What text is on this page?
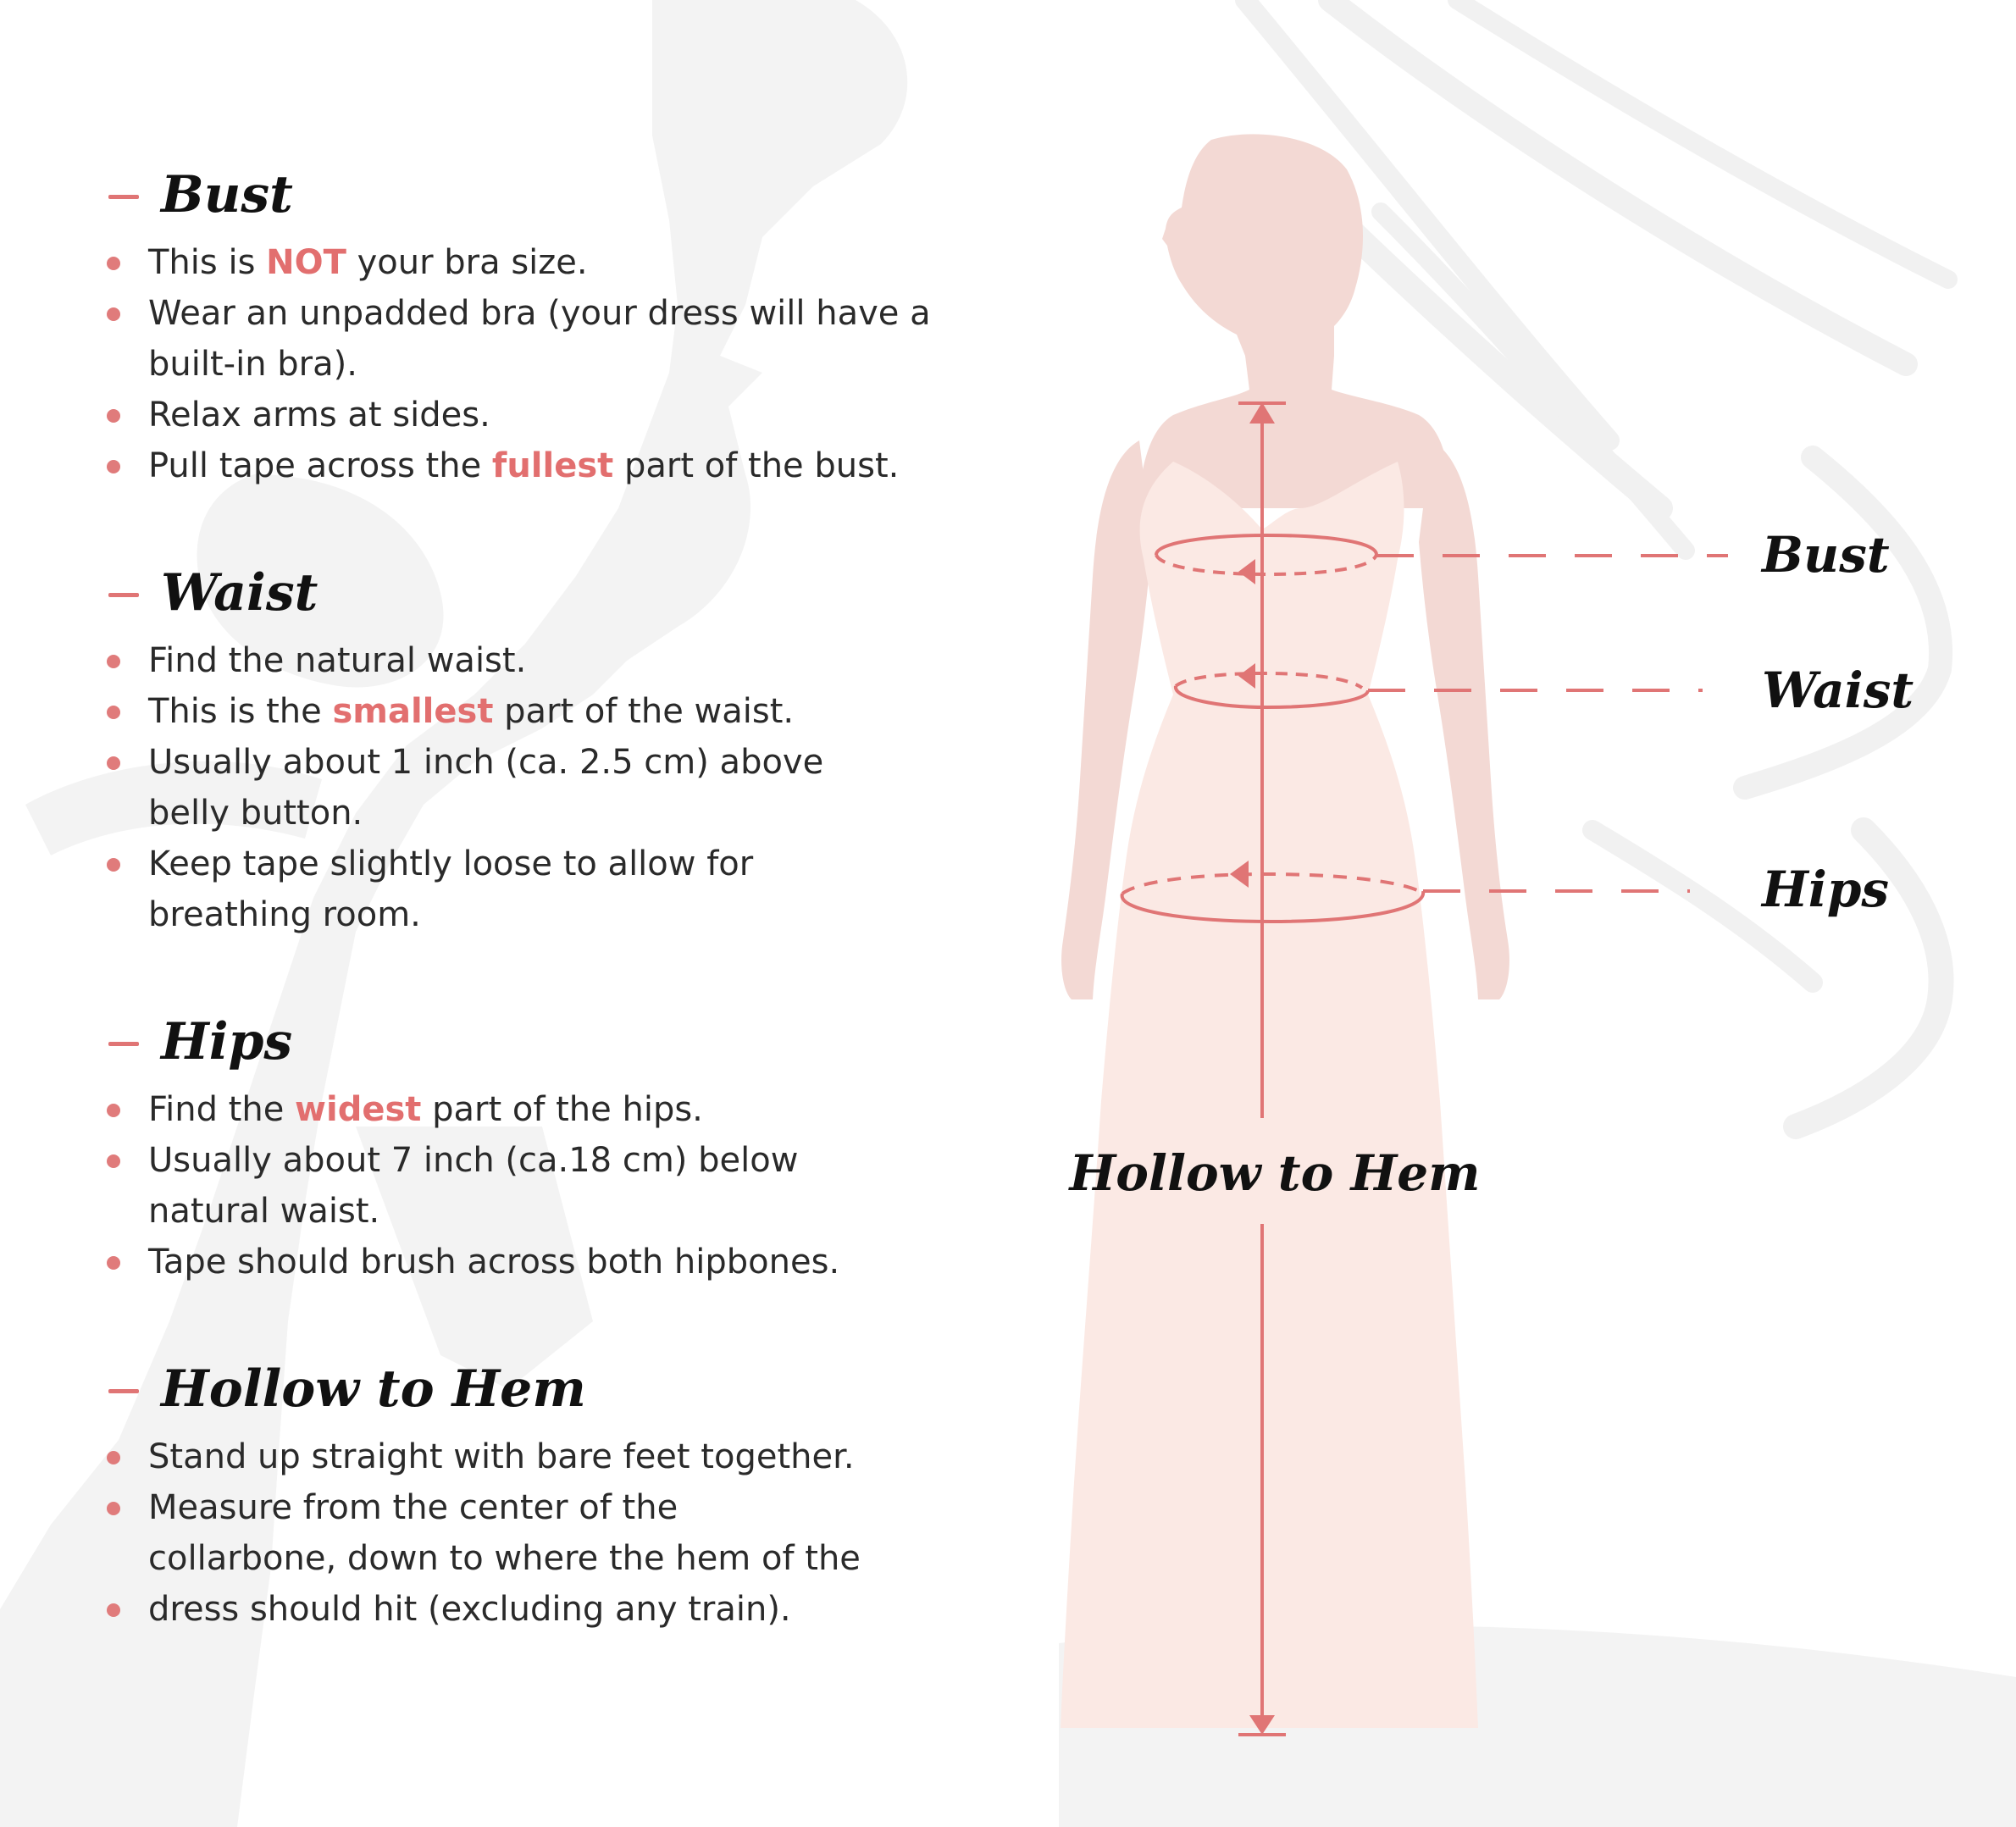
Bust
This is NOT your bra size.
Wear an unpadded bra (your dress will have a
built-in bra).
Relax arms at sides.
Pull tape across the fullest part of the bust.
Waist
Find the natural waist.
This is the smallest part of the waist.
Usually about 1 inch (ca. 2.5 cm) above
belly button.
Keep tape slightly loose to allow for
breathing room.
Hips
Find the widest part of the hips.
Usually about 7 inch (ca.18 cm) below
natural waist.
Tape should brush across both hipbones.
Hollow to Hem
Stand up straight with bare feet together.
Measure from the center of the
collarbone, down to where the hem of the
dress should hit (excluding any train).
Bust
Waist
Hips
Hollow to Hem
